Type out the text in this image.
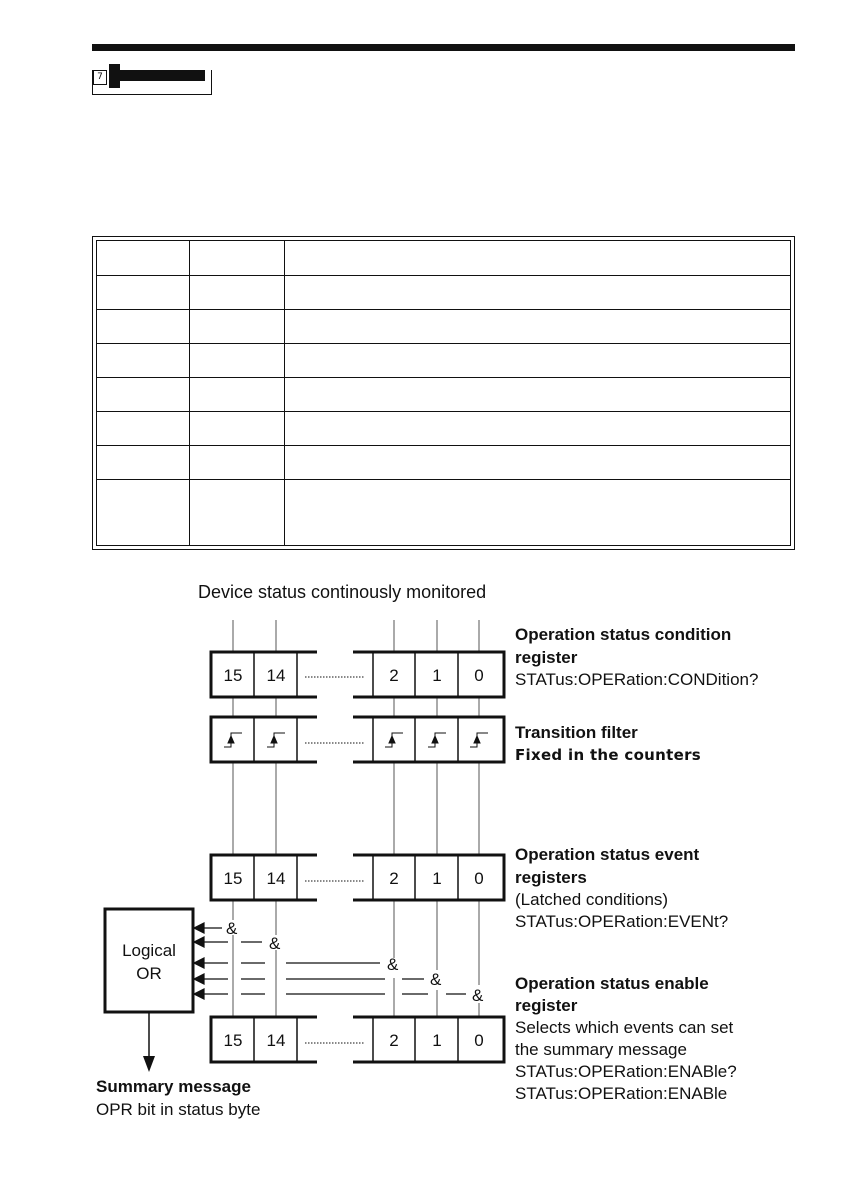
7
15 14	2 1 0
15 14	2 1 0
15 14	2 1 0
&
&
&
&
&
Logical
OR
Device status continously monitored
Operation status condition
register
STATus:OPERation:CONDition?
Transition filter
Fixed in the counters
Operation status event
registers
(Latched conditions)
STATus:OPERation:EVENt?
Operation status enable
register
Selects which events can set
the summary message
STATus:OPERation:ENABle?
STATus:OPERation:ENABle
Summary message
OPR bit in status byte
